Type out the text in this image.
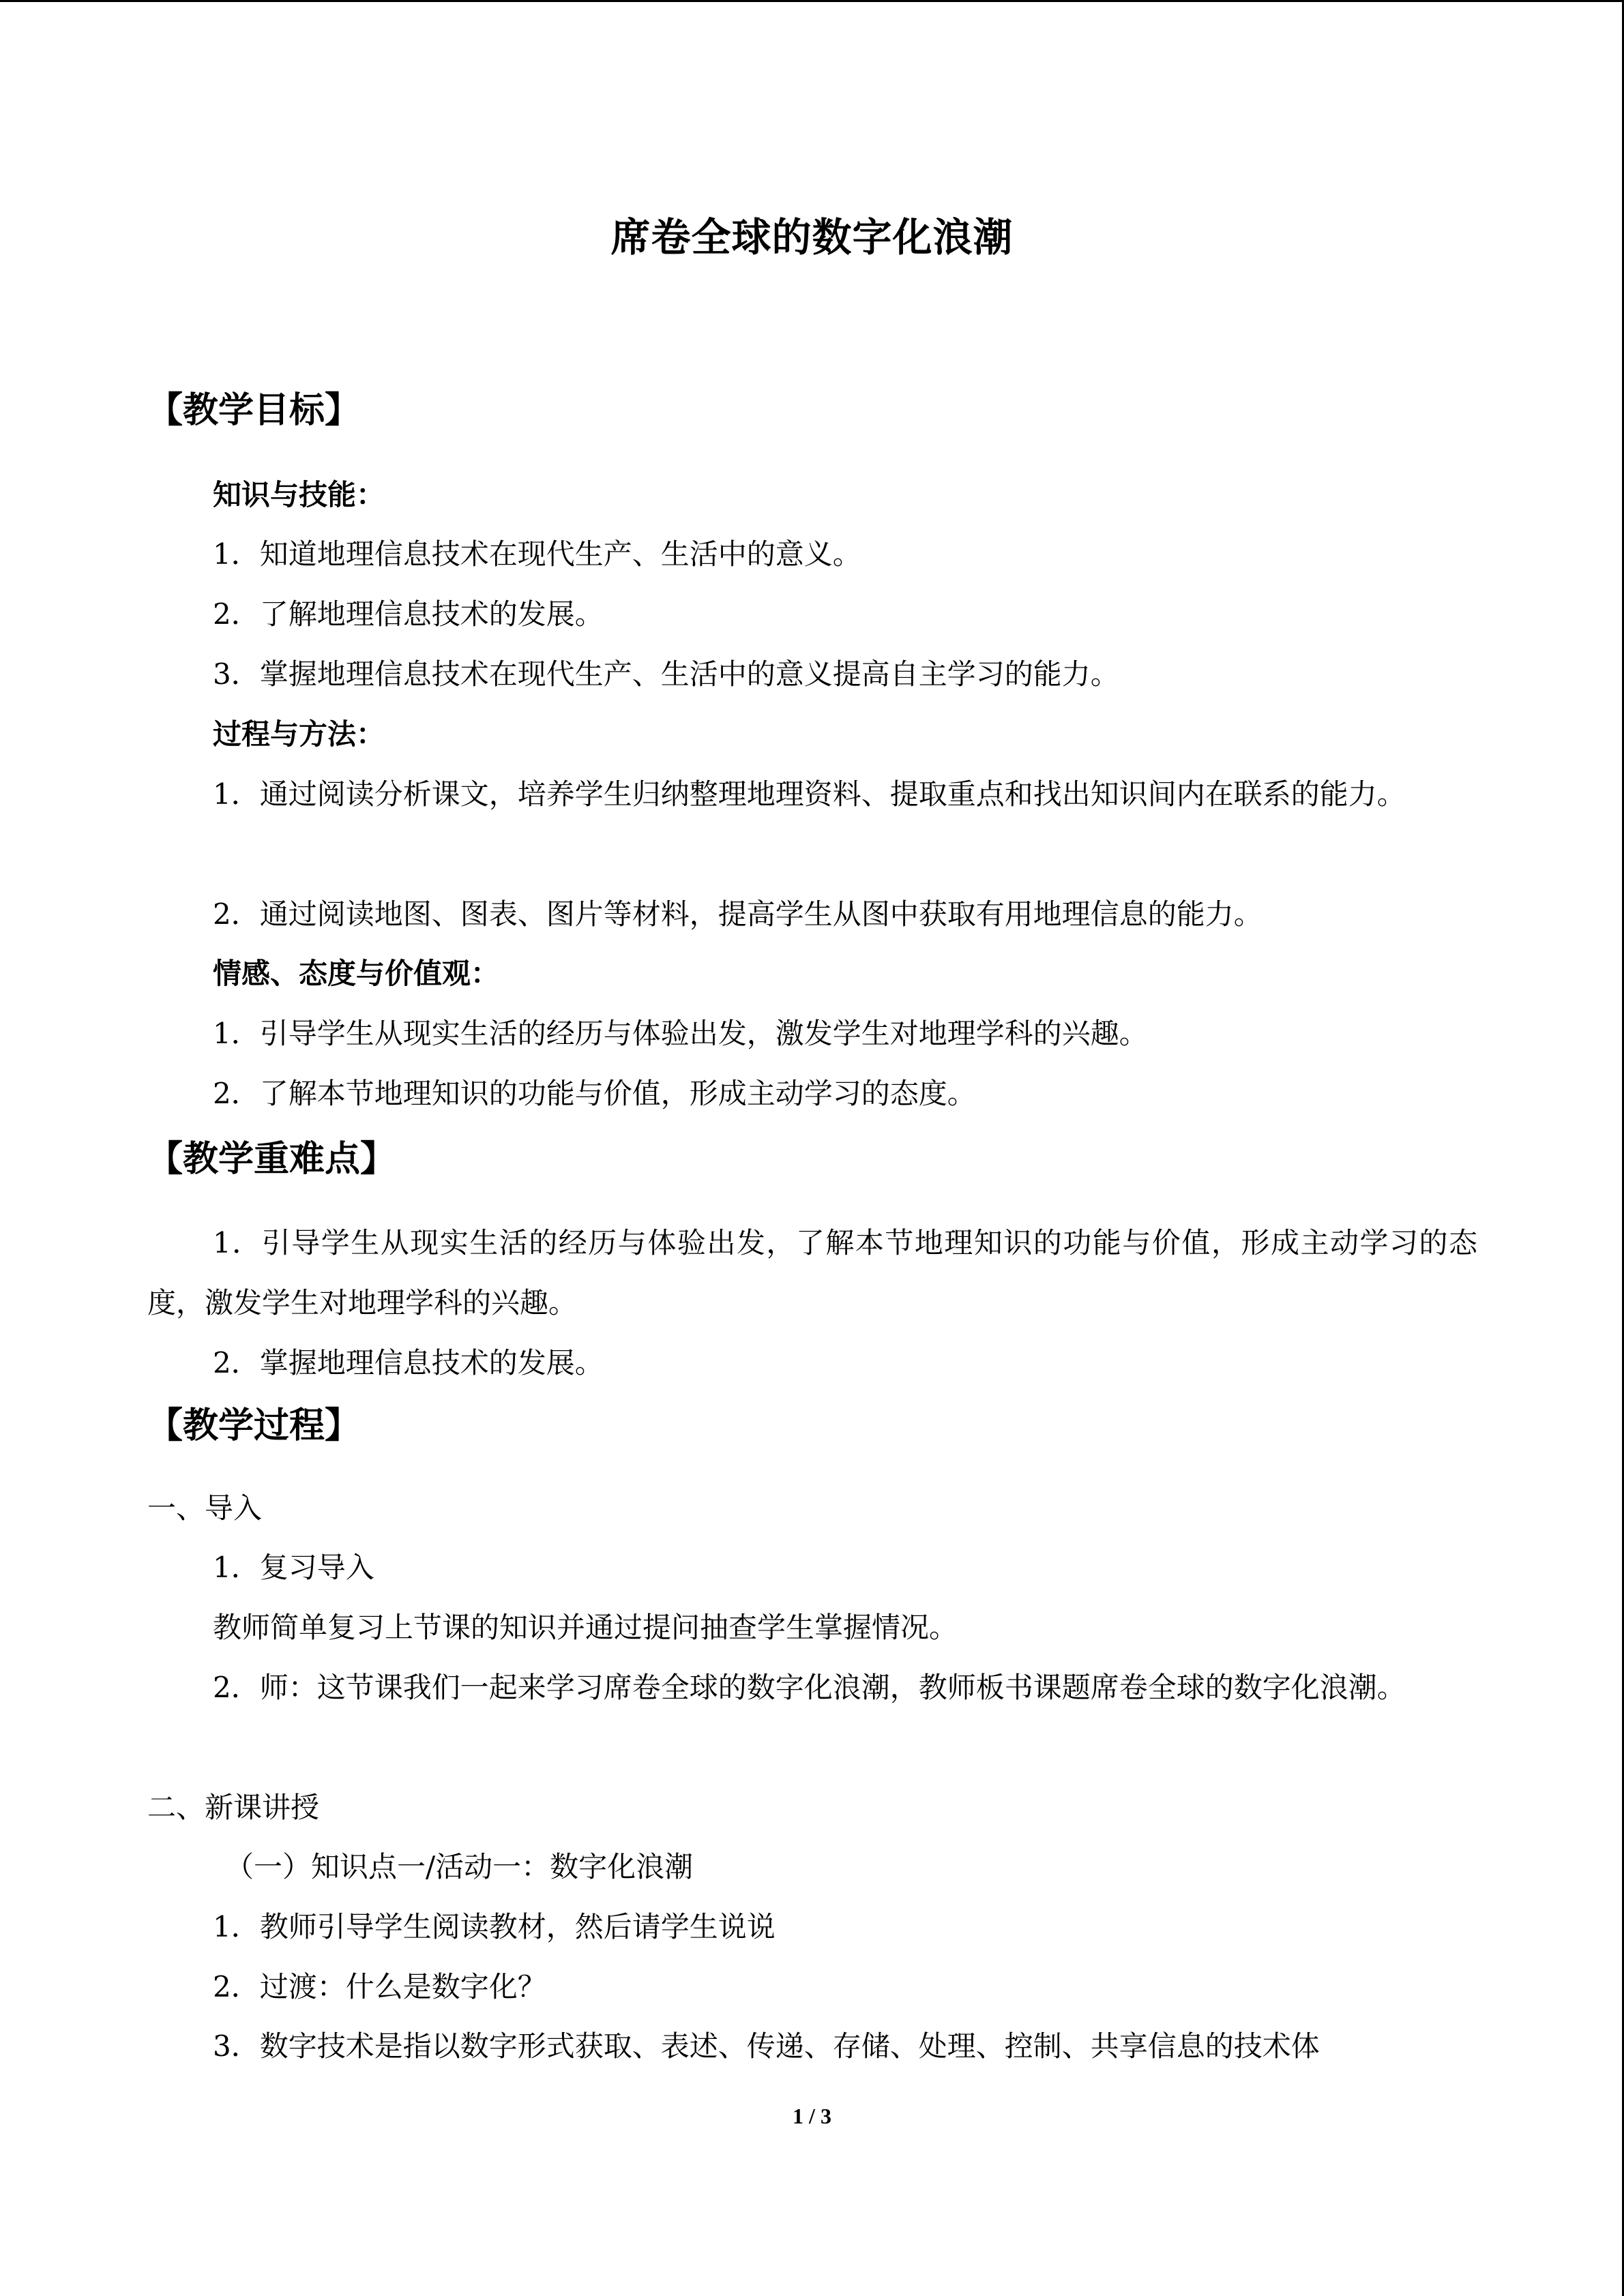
席卷全球的数字化浪潮
【教学目标】
知识与技能：
1．知道地理信息技术在现代生产、生活中的意义。
2．了解地理信息技术的发展。
3．掌握地理信息技术在现代生产、生活中的意义提高自主学习的能力。
过程与方法：
1．通过阅读分析课文，培养学生归纳整理地理资料、提取重点和找出知识间内在联系的能力。
2．通过阅读地图、图表、图片等材料，提高学生从图中获取有用地理信息的能力。
情感、态度与价值观：
1．引导学生从现实生活的经历与体验出发，激发学生对地理学科的兴趣。
2．了解本节地理知识的功能与价值，形成主动学习的态度。
【教学重难点】
1．引导学生从现实生活的经历与体验出发，了解本节地理知识的功能与价值，形成主动学习的态度，激发学生对地理学科的兴趣。
2．掌握地理信息技术的发展。
【教学过程】
一、导入
1．复习导入
教师简单复习上节课的知识并通过提问抽查学生掌握情况。
2．师：这节课我们一起来学习席卷全球的数字化浪潮，教师板书课题席卷全球的数字化浪潮。
二、新课讲授
（一）知识点一/活动一：数字化浪潮
1．教师引导学生阅读教材，然后请学生说说
2．过渡：什么是数字化？
3．数字技术是指以数字形式获取、表述、传递、存储、处理、控制、共享信息的技术体
1 / 3
